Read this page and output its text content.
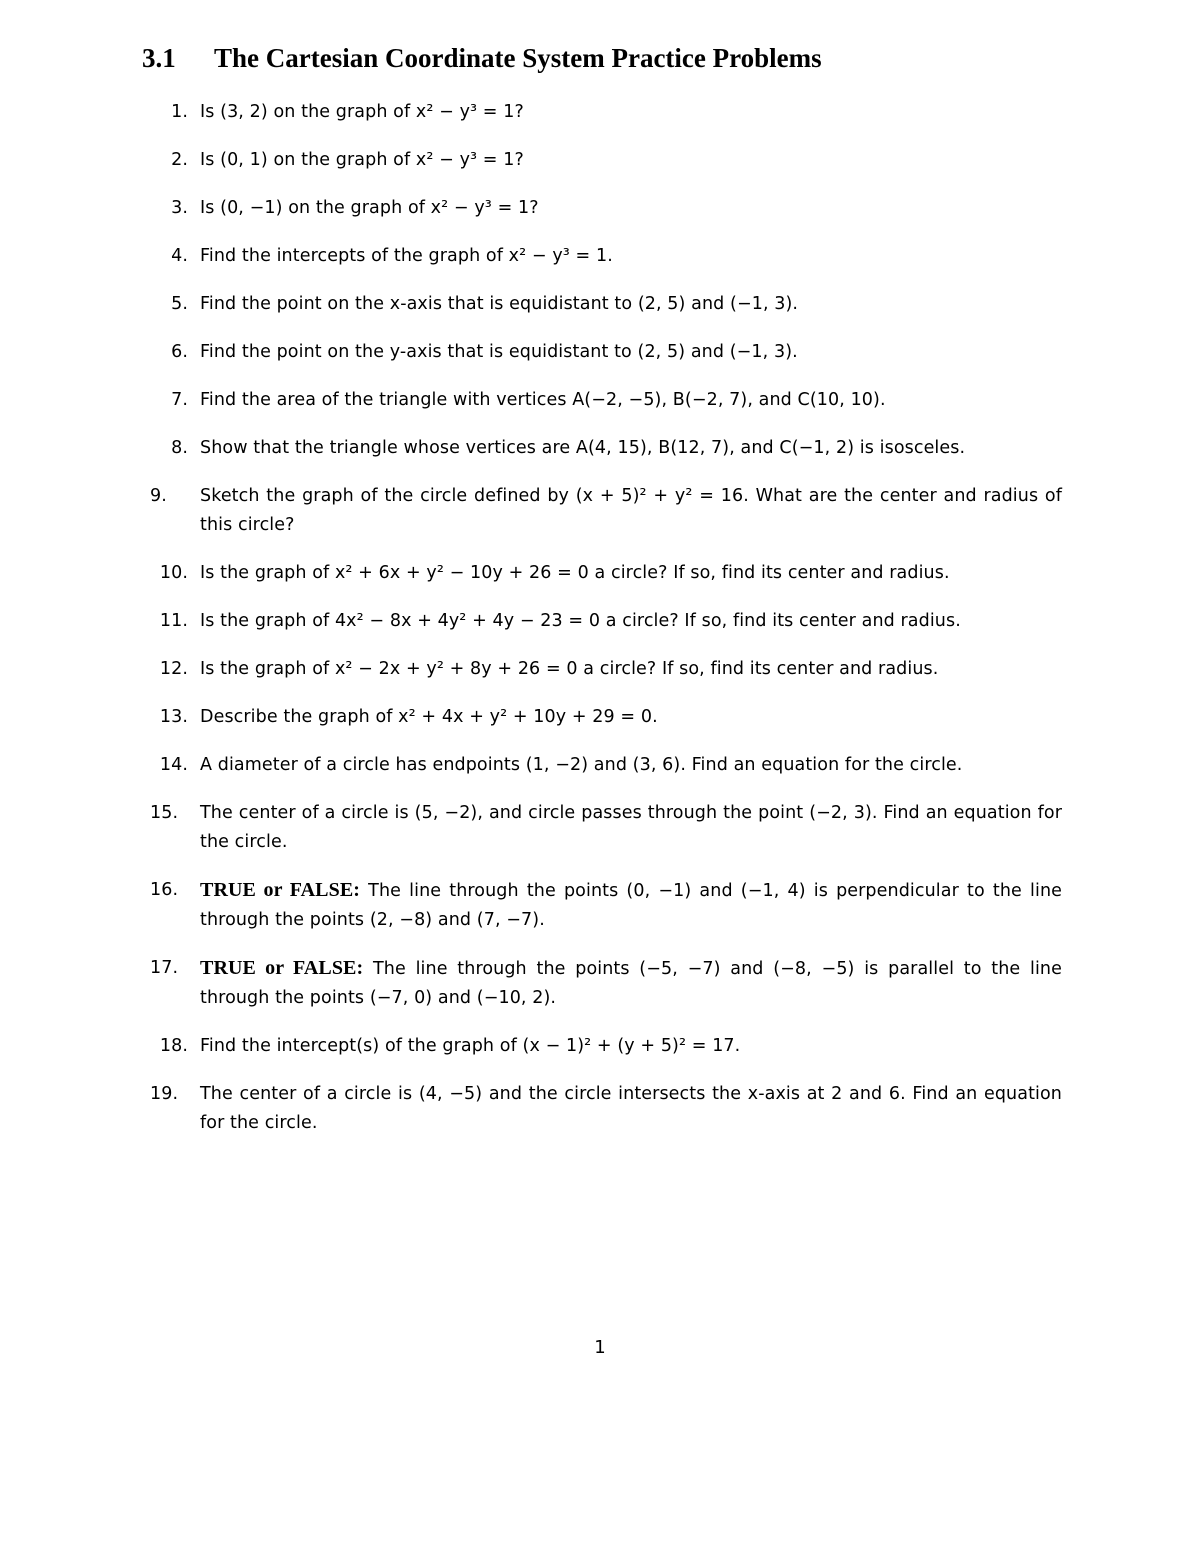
3.1 The Cartesian Coordinate System Practice Problems
1. Is (3, 2) on the graph of x² − y³ = 1?
2. Is (0, 1) on the graph of x² − y³ = 1?
3. Is (0, −1) on the graph of x² − y³ = 1?
4. Find the intercepts of the graph of x² − y³ = 1.
5. Find the point on the x-axis that is equidistant to (2, 5) and (−1, 3).
6. Find the point on the y-axis that is equidistant to (2, 5) and (−1, 3).
7. Find the area of the triangle with vertices A(−2, −5), B(−2, 7), and C(10, 10).
8. Show that the triangle whose vertices are A(4, 15), B(12, 7), and C(−1, 2) is isosceles.
9.	Sketch the graph of the circle defined by (x + 5)² + y² = 16. What are the center and radius of this circle?
10. Is the graph of x² + 6x + y² − 10y + 26 = 0 a circle? If so, find its center and radius.
11. Is the graph of 4x² − 8x + 4y² + 4y − 23 = 0 a circle? If so, find its center and radius.
12. Is the graph of x² − 2x + y² + 8y + 26 = 0 a circle? If so, find its center and radius.
13. Describe the graph of x² + 4x + y² + 10y + 29 = 0.
14. A diameter of a circle has endpoints (1, −2) and (3, 6). Find an equation for the circle.
15.	The center of a circle is (5, −2), and circle passes through the point (−2, 3). Find an equation for the circle.
16.	TRUE or FALSE: The line through the points (0, −1) and (−1, 4) is perpendicular to the line through the points (2, −8) and (7, −7).
17.	TRUE or FALSE: The line through the points (−5, −7) and (−8, −5) is parallel to the line through the points (−7, 0) and (−10, 2).
18. Find the intercept(s) of the graph of (x − 1)² + (y + 5)² = 17.
19.	The center of a circle is (4, −5) and the circle intersects the x-axis at 2 and 6. Find an equation for the circle.
1
